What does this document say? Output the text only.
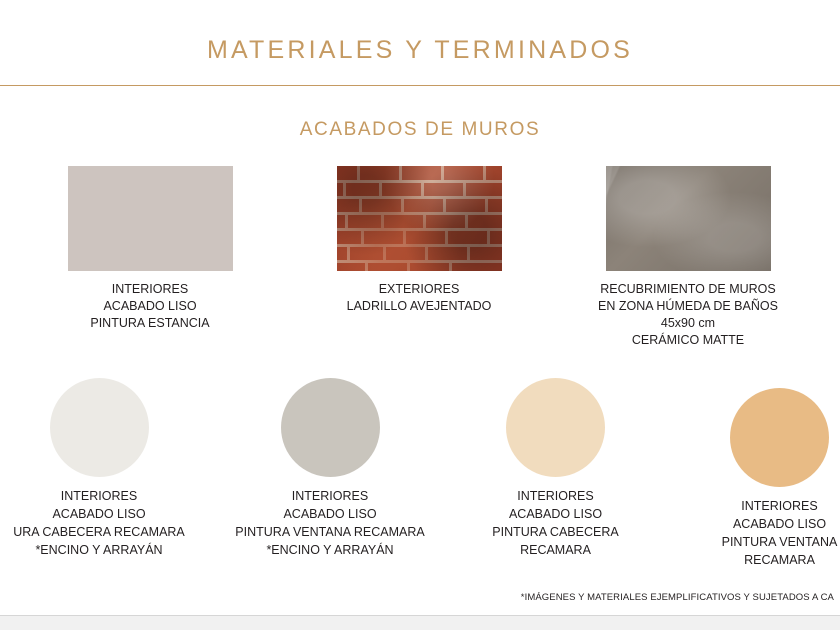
MATERIALES Y TERMINADOS
ACABADOS DE MUROS
INTERIORES
ACABADO LISO
PINTURA ESTANCIA
EXTERIORES
LADRILLO AVEJENTADO
RECUBRIMIENTO DE MUROS
EN ZONA HÚMEDA DE BAÑOS
45x90 cm
CERÁMICO MATTE
INTERIORES
ACABADO LISO
URA CABECERA RECAMARA
*ENCINO Y ARRAYÁN
INTERIORES
ACABADO LISO
PINTURA VENTANA RECAMARA
*ENCINO Y ARRAYÁN
INTERIORES
ACABADO LISO
PINTURA CABECERA
RECAMARA
INTERIORES
ACABADO LISO
PINTURA VENTANA
RECAMARA
*IMÁGENES Y MATERIALES EJEMPLIFICATIVOS Y SUJETADOS A CA
